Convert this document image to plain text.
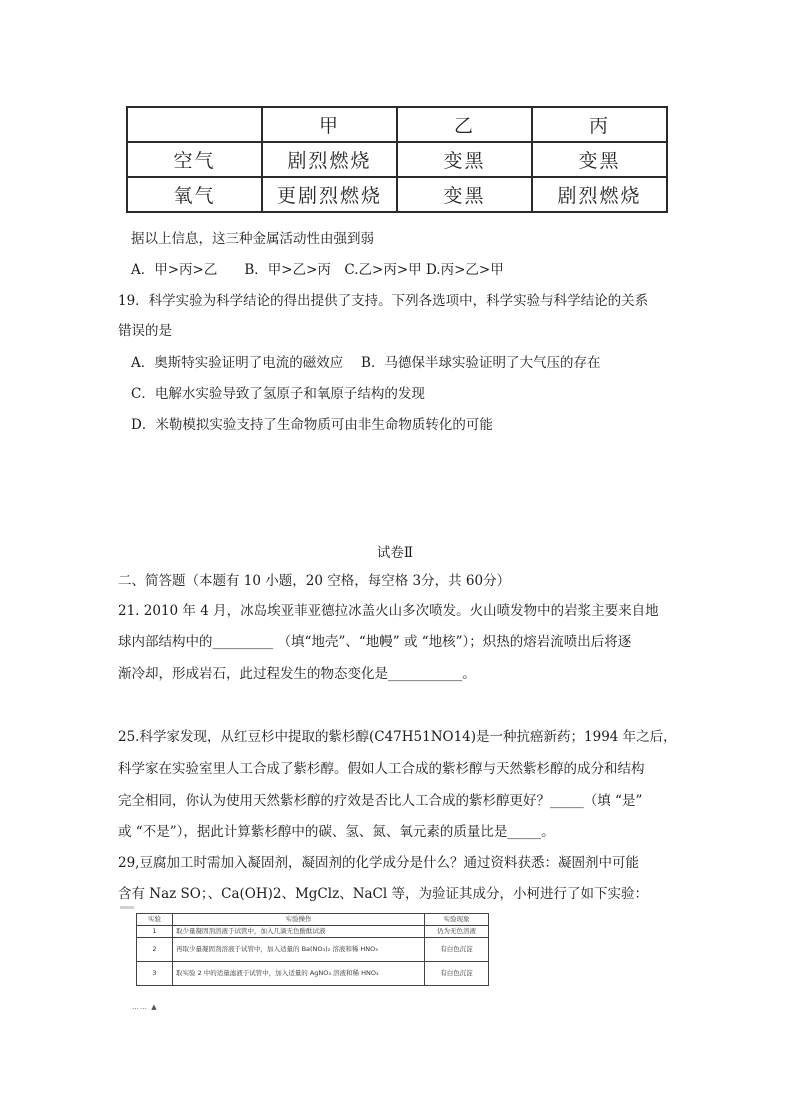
	甲	乙	丙
空气	剧烈燃烧	变黑	变黑
氧气	更剧烈燃烧	变黑	剧烈燃烧
据以上信息，这三种金属活动性由强到弱
A．甲>丙>乙　　B．甲>乙>丙　C.乙>丙>甲 D.丙>乙>甲
19．科学实验为科学结论的得出提供了支持。下列各选项中，科学实验与科学结论的关系
错误的是
A．奥斯特实验证明了电流的磁效应　 B．马德保半球实验证明了大气压的存在
C．电解水实验导致了氢原子和氧原子结构的发现
D．米勒模拟实验支持了生命物质可由非生命物质转化的可能
试卷Ⅱ
二、简答题（本题有 10 小题，20 空格，每空格 3分，共 60分）
21. 2010 年 4 月，冰岛埃亚菲亚德拉冰盖火山多次喷发。火山喷发物中的岩浆主要来自地
球内部结构中的_________ （填“地壳”、“地幔” 或 “地核”）；炽热的熔岩流喷出后将逐
渐冷却，形成岩石，此过程发生的物态变化是___________。
25.科学家发现，从红豆杉中提取的紫杉醇(C47H51NO14)是一种抗癌新药；1994 年之后，
科学家在实验室里人工合成了紫杉醇。假如人工合成的紫杉醇与天然紫杉醇的成分和结构
完全相同，你认为使用天然紫杉醇的疗效是否比人工合成的紫杉醇更好？_____（填 “是”
或 “不是”），据此计算紫杉醇中的碳、氢、氮、氧元素的质量比是_____。
29,豆腐加工时需加入凝固剂，凝固剂的化学成分是什么？通过资料获悉：凝圄剂中可能
含有 Naz SO；、Ca(OH)2、MgClz、NaCl 等，为验证其成分，小柯进行了如下实验：
实验	实验操作	实验现象
1	取少量凝固剂溶液于试管中，加入几滴无色酚酞试液	仍为无色溶液
2	再取少量凝固剂溶液于试管中，加入适量的 Ba(NO₃)₂ 溶液和稀 HNO₃	有白色沉淀
3	取实验 2 中的适量滤液于试管中，加入适量的 AgNO₃ 溶液和稀 HNO₃	有白色沉淀
…… ▲
